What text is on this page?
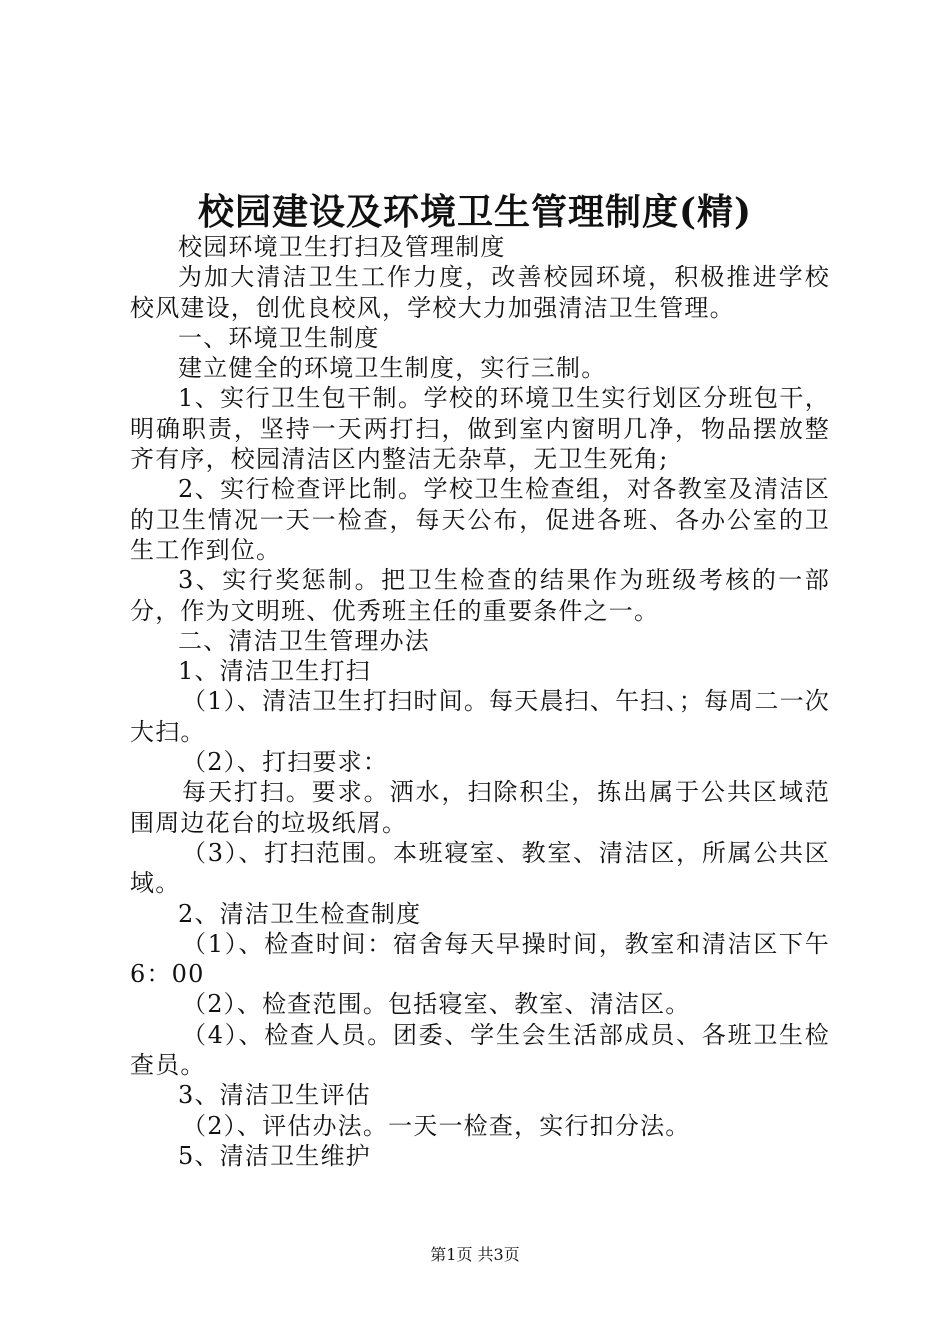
校园建设及环境卫生管理制度(精)

校园环境卫生打扫及管理制度

为加大清洁卫生工作力度，改善校园环境，积极推进学校校风建设，创优良校风，学校大力加强清洁卫生管理。

一、环境卫生制度

建立健全的环境卫生制度，实行三制。

1、实行卫生包干制。学校的环境卫生实行划区分班包干，明确职责，坚持一天两打扫，做到室内窗明几净，物品摆放整齐有序，校园清洁区内整洁无杂草，无卫生死角;

2、实行检查评比制。学校卫生检查组，对各教室及清洁区的卫生情况一天一检查，每天公布，促进各班、各办公室的卫生工作到位。

3、实行奖惩制。把卫生检查的结果作为班级考核的一部分，作为文明班、优秀班主任的重要条件之一。

二、清洁卫生管理办法

1、清洁卫生打扫

（1）、清洁卫生打扫时间。每天晨扫、午扫、；每周二一次大扫。

（2）、打扫要求：

每天打扫。要求。洒水，扫除积尘，拣出属于公共区域范围周边花台的垃圾纸屑。

（3）、打扫范围。本班寝室、教室、清洁区，所属公共区域。

2、清洁卫生检查制度

（1）、检查时间：宿舍每天早操时间，教室和清洁区下午6：00

（2）、检查范围。包括寝室、教室、清洁区。

（4）、检查人员。团委、学生会生活部成员、各班卫生检查员。

3、清洁卫生评估

（2）、评估办法。一天一检查，实行扣分法。

5、清洁卫生维护

第1页 共3页
